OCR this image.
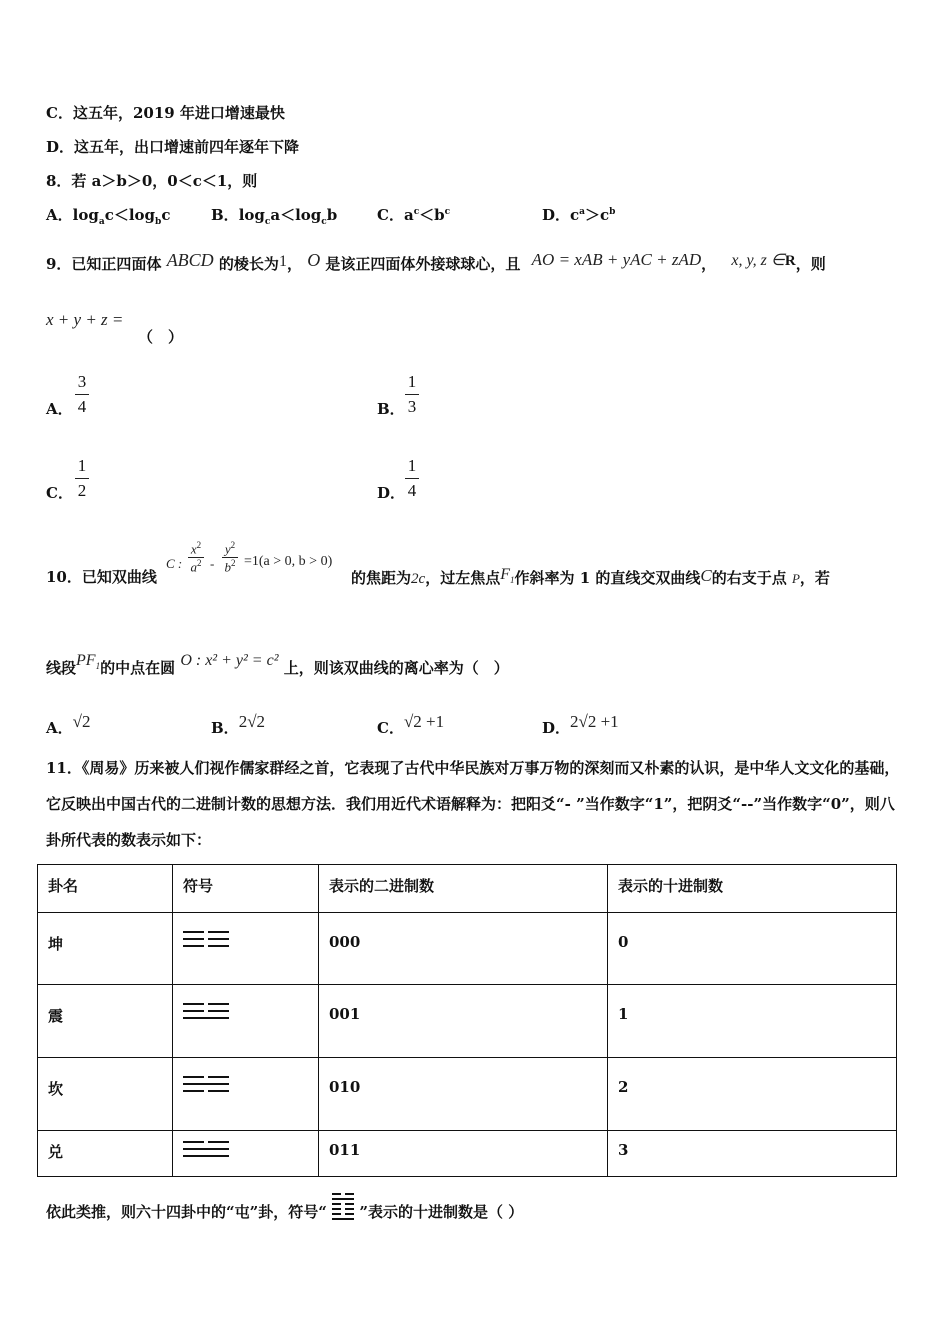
C．这五年，2019 年进口增速最快
D．这五年，出口增速前四年逐年下降
8．若 a＞b＞0，0＜c＜1，则
A．$\log_ac<\log_bc$	B．$\log_ca<\log_cb$	C．$a^c<b^c$	D．$c^a>c^b$
9．已知正四面体 ABCD 的棱长为1， O 是该正四面体外接球球心，且 AO = xAB + yAC + zAD， x, y, z ∈R，则
x + y + z =
（　）
A．
3
4	B．
1
3
C．
1
2	D．
1
4
10．已知双曲线
C :
$x^2$
$a^2$ -
$y^2$
$b^2 =1(a > 0$, b > 0)
的焦距为2c，过左焦点$F_1$作斜率为 1 的直线交双曲线C的右支于点 P，若
线段$PF_1$的中点在圆 O : x² + y² = c² 上，则该双曲线的离心率为（　）
A．√2	B．2√2	C．√2 +1	D．2√2 +1
11．《周易》历来被人们视作儒家群经之首，它表现了古代中华民族对万事万物的深刻而又朴素的认识，是中华人文文化的基础，它反映出中国古代的二进制计数的思想方法．我们用近代术语解释为：把阳爻“- ”当作数字“1”，把阴爻“--”当作数字“0”，则八卦所代表的数表示如下：
卦名	符号	表示的二进制数	表示的十进制数
坤		000	0
震		001	1
坎		010	2
兑		011	3
依此类推，则六十四卦中的“屯”卦，符号“ ”表示的十进制数是（ ）
